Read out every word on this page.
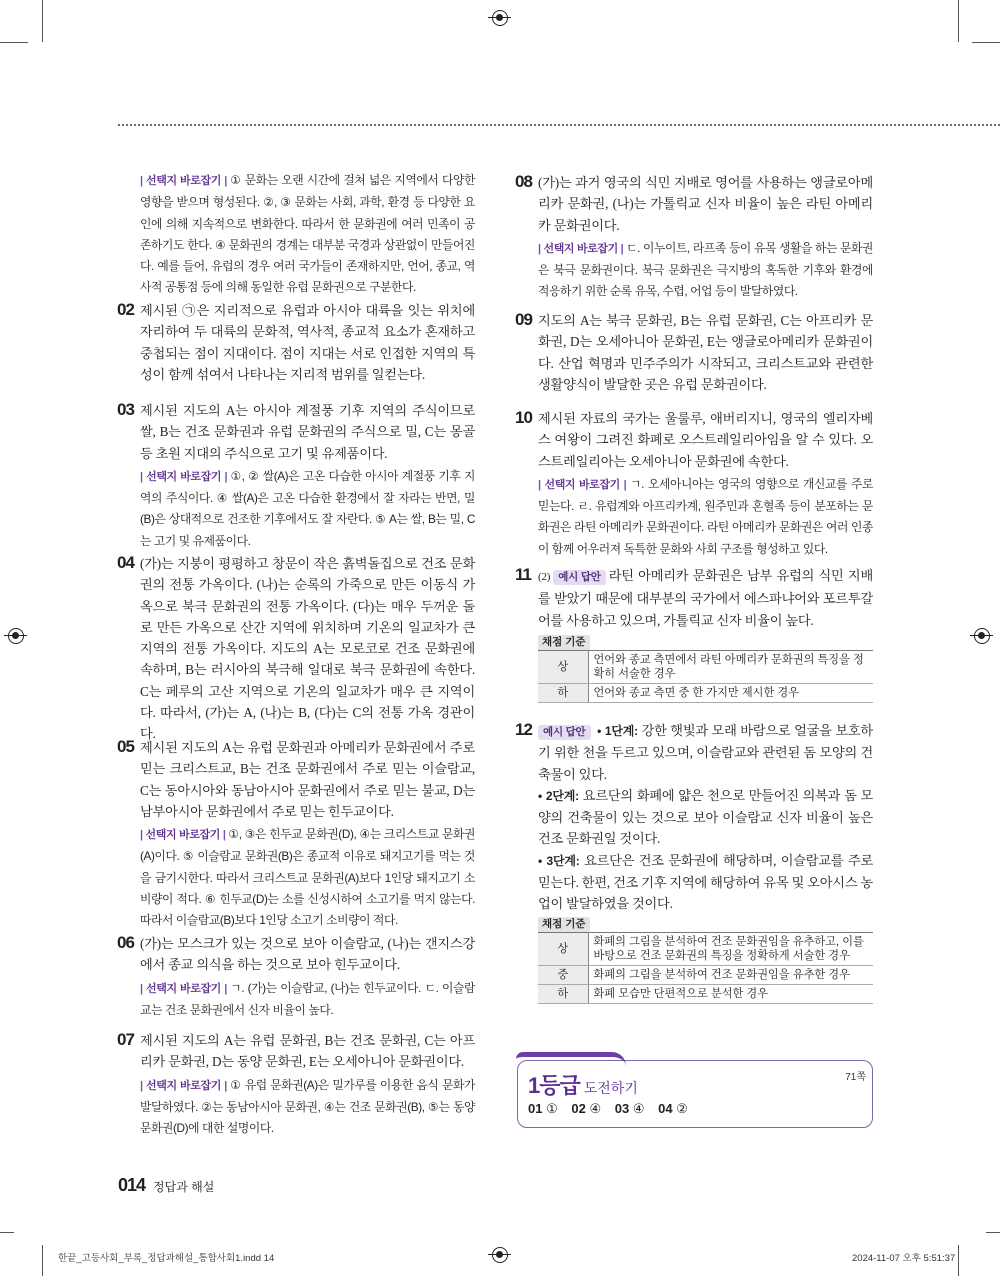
| 선택지 바로잡기 | ① 문화는 오랜 시간에 걸쳐 넓은 지역에서 다양한 영향을 받으며 형성된다. ②, ③ 문화는 사회, 과학, 환경 등 다양한 요인에 의해 지속적으로 변화한다. 따라서 한 문화권에 여러 민족이 공존하기도 한다. ④ 문화권의 경계는 대부분 국경과 상관없이 만들어진다. 예를 들어, 유럽의 경우 여러 국가들이 존재하지만, 언어, 종교, 역사적 공통점 등에 의해 동일한 유럽 문화권으로 구분한다.
02 제시된 ㉠은 지리적으로 유럽과 아시아 대륙을 잇는 위치에 자리하여 두 대륙의 문화적, 역사적, 종교적 요소가 혼재하고 중첩되는 점이 지대이다. 점이 지대는 서로 인접한 지역의 특성이 함께 섞여서 나타나는 지리적 범위를 일컫는다.
03 제시된 지도의 A는 아시아 계절풍 기후 지역의 주식이므로 쌀, B는 건조 문화권과 유럽 문화권의 주식으로 밀, C는 몽골 등 초원 지대의 주식으로 고기 및 유제품이다.
| 선택지 바로잡기 | ①, ② 쌀(A)은 고온 다습한 아시아 계절풍 기후 지역의 주식이다. ④ 쌀(A)은 고온 다습한 환경에서 잘 자라는 반면, 밀(B)은 상대적으로 건조한 기후에서도 잘 자란다. ⑤ A는 쌀, B는 밀, C는 고기 및 유제품이다.
04 (가)는 지붕이 평평하고 창문이 작은 흙벽돌집으로 건조 문화권의 전통 가옥이다. (나)는 순록의 가죽으로 만든 이동식 가옥으로 북극 문화권의 전통 가옥이다. (다)는 매우 두꺼운 돌로 만든 가옥으로 산간 지역에 위치하며 기온의 일교차가 큰 지역의 전통 가옥이다. 지도의 A는 모로코로 건조 문화권에 속하며, B는 러시아의 북극해 일대로 북극 문화권에 속한다. C는 페루의 고산 지역으로 기온의 일교차가 매우 큰 지역이다. 따라서, (가)는 A, (나)는 B, (다)는 C의 전통 가옥 경관이다.
05 제시된 지도의 A는 유럽 문화권과 아메리카 문화권에서 주로 믿는 크리스트교, B는 건조 문화권에서 주로 믿는 이슬람교, C는 동아시아와 동남아시아 문화권에서 주로 믿는 불교, D는 남부아시아 문화권에서 주로 믿는 힌두교이다.
| 선택지 바로잡기 | ①, ③은 힌두교 문화권(D), ④는 크리스트교 문화권(A)이다. ⑤ 이슬람교 문화권(B)은 종교적 이유로 돼지고기를 먹는 것을 금기시한다. 따라서 크리스트교 문화권(A)보다 1인당 돼지고기 소비량이 적다. ⑥ 힌두교(D)는 소를 신성시하여 소고기를 먹지 않는다. 따라서 이슬람교(B)보다 1인당 소고기 소비량이 적다.
06 (가)는 모스크가 있는 것으로 보아 이슬람교, (나)는 갠지스강에서 종교 의식을 하는 것으로 보아 힌두교이다.
| 선택지 바로잡기 | ㄱ. (가)는 이슬람교, (나)는 힌두교이다. ㄷ. 이슬람교는 건조 문화권에서 신자 비율이 높다.
07 제시된 지도의 A는 유럽 문화권, B는 건조 문화권, C는 아프리카 문화권, D는 동양 문화권, E는 오세아니아 문화권이다.
| 선택지 바로잡기 | ① 유럽 문화권(A)은 밀가루를 이용한 음식 문화가 발달하였다. ②는 동남아시아 문화권, ④는 건조 문화권(B), ⑤는 동양 문화권(D)에 대한 설명이다.
08 (가)는 과거 영국의 식민 지배로 영어를 사용하는 앵글로아메리카 문화권, (나)는 가톨릭교 신자 비율이 높은 라틴 아메리카 문화권이다.
| 선택지 바로잡기 | ㄷ. 이누이트, 라프족 등이 유목 생활을 하는 문화권은 북극 문화권이다. 북극 문화권은 극지방의 혹독한 기후와 환경에 적응하기 위한 순록 유목, 수렵, 어업 등이 발달하였다.
09 지도의 A는 북극 문화권, B는 유럽 문화권, C는 아프리카 문화권, D는 오세아니아 문화권, E는 앵글로아메리카 문화권이다. 산업 혁명과 민주주의가 시작되고, 크리스트교와 관련한 생활양식이 발달한 곳은 유럽 문화권이다.
10 제시된 자료의 국가는 울룰루, 애버리지니, 영국의 엘리자베스 여왕이 그려진 화폐로 오스트레일리아임을 알 수 있다. 오스트레일리아는 오세아니아 문화권에 속한다.
| 선택지 바로잡기 | ㄱ. 오세아니아는 영국의 영향으로 개신교를 주로 믿는다. ㄹ. 유럽계와 아프리카계, 원주민과 혼혈족 등이 분포하는 문화권은 라틴 아메리카 문화권이다. 라틴 아메리카 문화권은 여러 인종이 함께 어우러져 독특한 문화와 사회 구조를 형성하고 있다.
11 (2) 예시 답안 라틴 아메리카 문화권은 남부 유럽의 식민 지배를 받았기 때문에 대부분의 국가에서 에스파냐어와 포르투갈어를 사용하고 있으며, 가톨릭교 신자 비율이 높다.
채점 기준
상	언어와 종교 측면에서 라틴 아메리카 문화권의 특징을 정확히 서술한 경우
하	언어와 종교 측면 중 한 가지만 제시한 경우
12	예시 답안 • 1단계: 강한 햇빛과 모래 바람으로 얼굴을 보호하기 위한 천을 두르고 있으며, 이슬람교와 관련된 돔 모양의 건축물이 있다.
• 2단계: 요르단의 화폐에 얇은 천으로 만들어진 의복과 돔 모양의 건축물이 있는 것으로 보아 이슬람교 신자 비율이 높은 건조 문화권일 것이다.
• 3단계: 요르단은 건조 문화권에 해당하며, 이슬람교를 주로 믿는다. 한편, 건조 기후 지역에 해당하여 유목 및 오아시스 농업이 발달하였을 것이다.
채점 기준
상	화폐의 그림을 분석하여 건조 문화권임을 유추하고, 이를 바탕으로 건조 문화권의 특징을 정확하게 서술한 경우
중	화폐의 그림을 분석하여 건조 문화권임을 유추한 경우
하	화폐 모습만 단편적으로 분석한 경우
1등급 도전하기
71쪽
01 ① 02 ④ 03 ④ 04 ②
014 정답과 해설
한끝_고등사회_부록_정답과해설_통합사회1.indd 14	2024-11-07 오후 5:51:37
